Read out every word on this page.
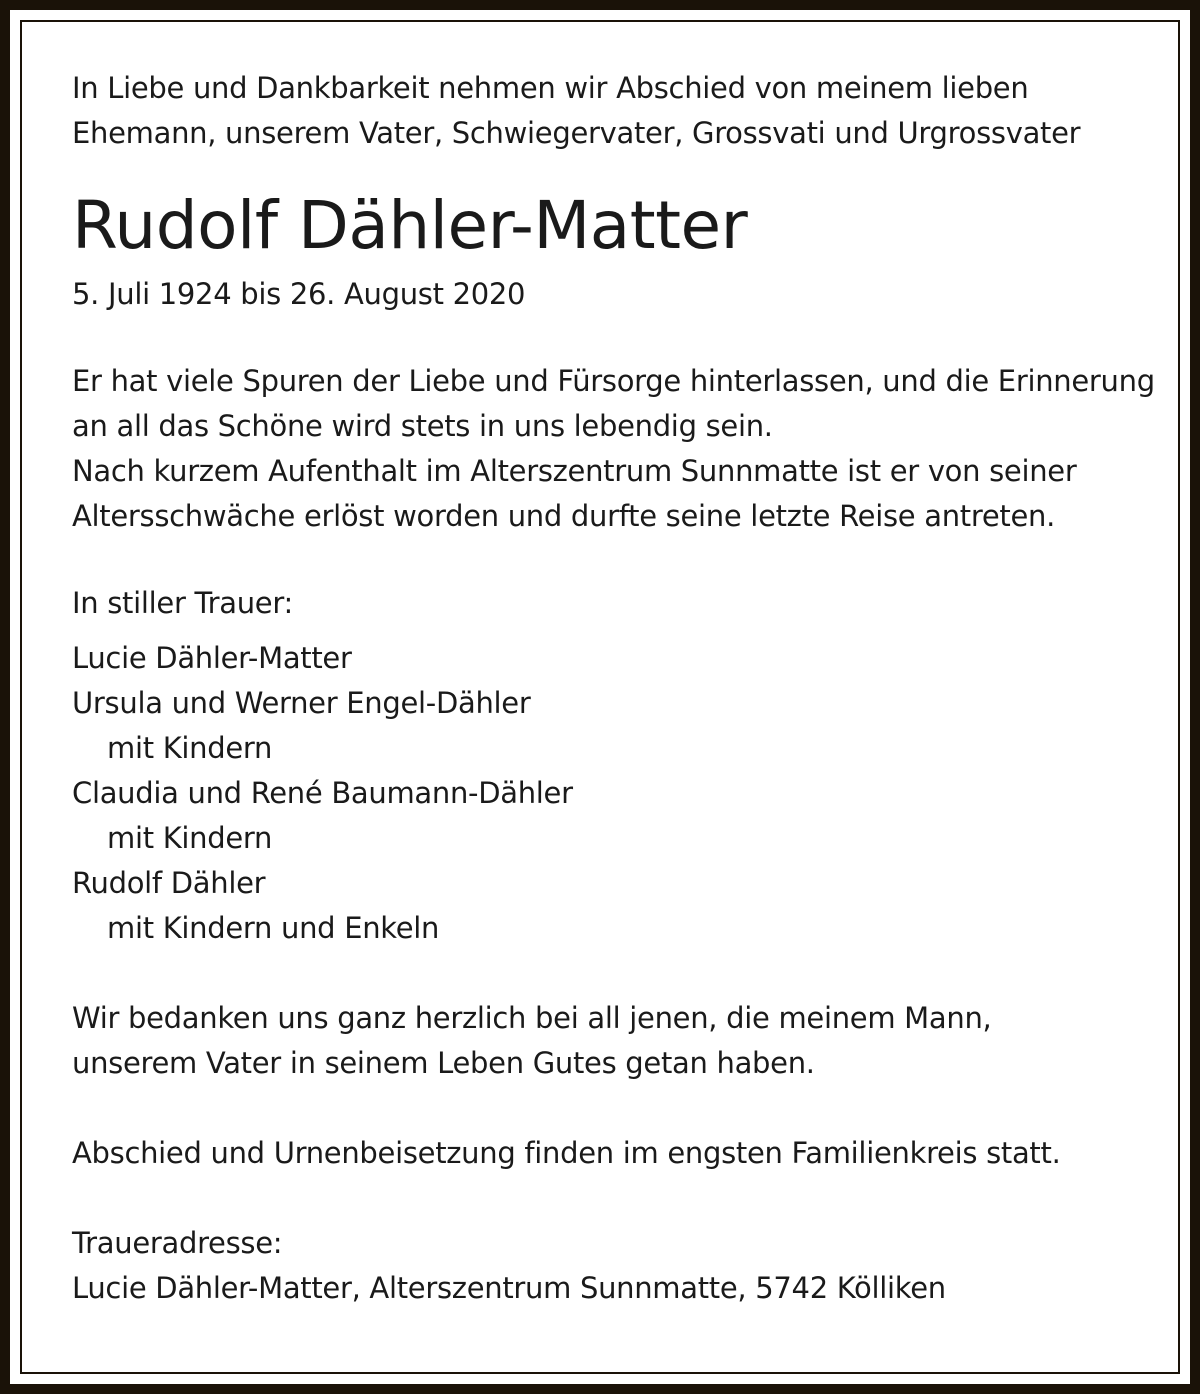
In Liebe und Dankbarkeit nehmen wir Abschied von meinem lieben

Ehemann, unserem Vater, Schwiegervater, Grossvati und Urgrossvater

Rudolf Dähler-Matter

5. Juli 1924 bis 26. August 2020

Er hat viele Spuren der Liebe und Fürsorge hinterlassen, und die Erinnerung

an all das Schöne wird stets in uns lebendig sein.

Nach kurzem Aufenthalt im Alterszentrum Sunnmatte ist er von seiner

Altersschwäche erlöst worden und durfte seine letzte Reise antreten.

In stiller Trauer:

Lucie Dähler-Matter

Ursula und Werner Engel-Dähler

mit Kindern

Claudia und René Baumann-Dähler

mit Kindern

Rudolf Dähler

mit Kindern und Enkeln

Wir bedanken uns ganz herzlich bei all jenen, die meinem Mann,

unserem Vater in seinem Leben Gutes getan haben.

Abschied und Urnenbeisetzung finden im engsten Familienkreis statt.

Traueradresse:

Lucie Dähler-Matter, Alterszentrum Sunnmatte, 5742 Kölliken
